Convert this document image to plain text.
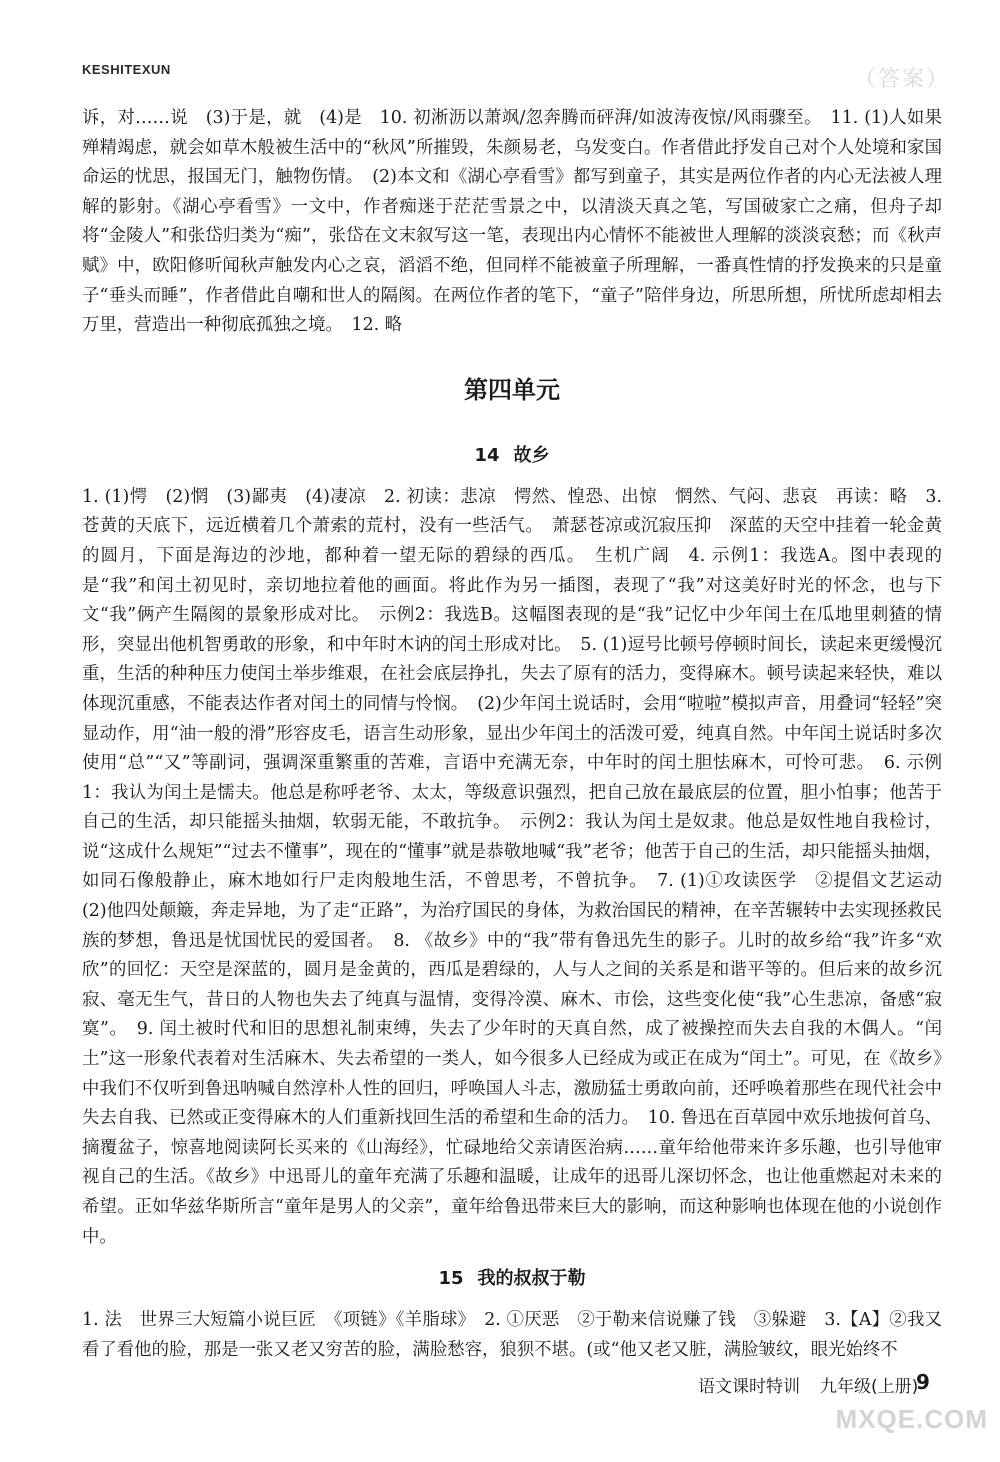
KESHITEXUN	（答案）

诉，对……说　(3)于是，就　(4)是　10. 初淅沥以萧飒/忽奔腾而砰湃/如波涛夜惊/风雨骤至。　11. (1)人如果殚精竭虑，就会如草木般被生活中的“秋风”所摧毁，朱颜易老，乌发变白。作者借此抒发自己对个人处境和家国命运的忧思，报国无门，触物伤情。　(2)本文和《湖心亭看雪》都写到童子，其实是两位作者的内心无法被人理解的影射。《湖心亭看雪》一文中，作者痴迷于茫茫雪景之中，以清淡天真之笔，写国破家亡之痛，但舟子却将“金陵人”和张岱归类为“痴”，张岱在文末叙写这一笔，表现出内心情怀不能被世人理解的淡淡哀愁；而《秋声赋》中，欧阳修听闻秋声触发内心之哀，滔滔不绝，但同样不能被童子所理解，一番真性情的抒发换来的只是童子“垂头而睡”，作者借此自嘲和世人的隔阂。在两位作者的笔下，“童子”陪伴身边，所思所想，所忧所虑却相去万里，营造出一种彻底孤独之境。　12. 略

第四单元
14 故乡

1. (1)愕　(2)惘　(3)鄙夷　(4)凄凉　2. 初读：悲凉　愕然、惶恐、出惊　惘然、气闷、悲哀　再读：略　3. 苍黄的天底下，远近横着几个萧索的荒村，没有一些活气。　萧瑟苍凉或沉寂压抑　深蓝的天空中挂着一轮金黄的圆月，下面是海边的沙地，都种着一望无际的碧绿的西瓜。　生机广阔　4. 示例1：我选A。图中表现的是“我”和闰土初见时，亲切地拉着他的画面。将此作为另一插图，表现了“我”对这美好时光的怀念，也与下文“我”俩产生隔阂的景象形成对比。　示例2：我选B。这幅图表现的是“我”记忆中少年闰土在瓜地里刺猹的情形，突显出他机智勇敢的形象，和中年时木讷的闰土形成对比。　5. (1)逗号比顿号停顿时间长，读起来更缓慢沉重，生活的种种压力使闰土举步维艰，在社会底层挣扎，失去了原有的活力，变得麻木。顿号读起来轻快，难以体现沉重感，不能表达作者对闰土的同情与怜悯。　(2)少年闰土说话时，会用“啦啦”模拟声音，用叠词“轻轻”突显动作，用“油一般的滑”形容皮毛，语言生动形象，显出少年闰土的活泼可爱，纯真自然。中年闰土说话时多次使用“总”“又”等副词，强调深重繁重的苦难，言语中充满无奈，中年时的闰土胆怯麻木，可怜可悲。　6. 示例1：我认为闰土是懦夫。他总是称呼老爷、太太，等级意识强烈，把自己放在最底层的位置，胆小怕事；他苦于自己的生活，却只能摇头抽烟，软弱无能，不敢抗争。　示例2：我认为闰土是奴隶。他总是奴性地自我检讨，说“这成什么规矩”“过去不懂事”，现在的“懂事”就是恭敬地喊“我”老爷；他苦于自己的生活，却只能摇头抽烟，如同石像般静止，麻木地如行尸走肉般地生活，不曾思考，不曾抗争。　7. (1)①攻读医学　②提倡文艺运动　(2)他四处颠簸，奔走异地，为了走“正路”，为治疗国民的身体，为救治国民的精神，在辛苦辗转中去实现拯救民族的梦想，鲁迅是忧国忧民的爱国者。　8. 《故乡》中的“我”带有鲁迅先生的影子。儿时的故乡给“我”许多“欢欣”的回忆：天空是深蓝的，圆月是金黄的，西瓜是碧绿的，人与人之间的关系是和谐平等的。但后来的故乡沉寂、毫无生气，昔日的人物也失去了纯真与温情，变得冷漠、麻木、市侩，这些变化使“我”心生悲凉，备感“寂寞”。　9. 闰土被时代和旧的思想礼制束缚，失去了少年时的天真自然，成了被操控而失去自我的木偶人。“闰土”这一形象代表着对生活麻木、失去希望的一类人，如今很多人已经成为或正在成为“闰土”。可见，在《故乡》中我们不仅听到鲁迅呐喊自然淳朴人性的回归，呼唤国人斗志，激励猛士勇敢向前，还呼唤着那些在现代社会中失去自我、已然或正变得麻木的人们重新找回生活的希望和生命的活力。　10. 鲁迅在百草园中欢乐地拔何首乌、摘覆盆子，惊喜地阅读阿长买来的《山海经》，忙碌地给父亲请医治病……童年给他带来许多乐趣，也引导他审视自己的生活。《故乡》中迅哥儿的童年充满了乐趣和温暖，让成年的迅哥儿深切怀念，也让他重燃起对未来的希望。正如华兹华斯所言“童年是男人的父亲”，童年给鲁迅带来巨大的影响，而这种影响也体现在他的小说创作中。

15 我的叔叔于勒

1. 法　世界三大短篇小说巨匠　《项链》《羊脂球》　2. ①厌恶　②于勒来信说赚了钱　③躲避　3.【A】②我又看了看他的脸，那是一张又老又穷苦的脸，满脸愁容，狼狈不堪。(或“他又老又脏，满脸皱纹，眼光始终不

语文课时特训 九年级(上册)
9
MXQE.COM
